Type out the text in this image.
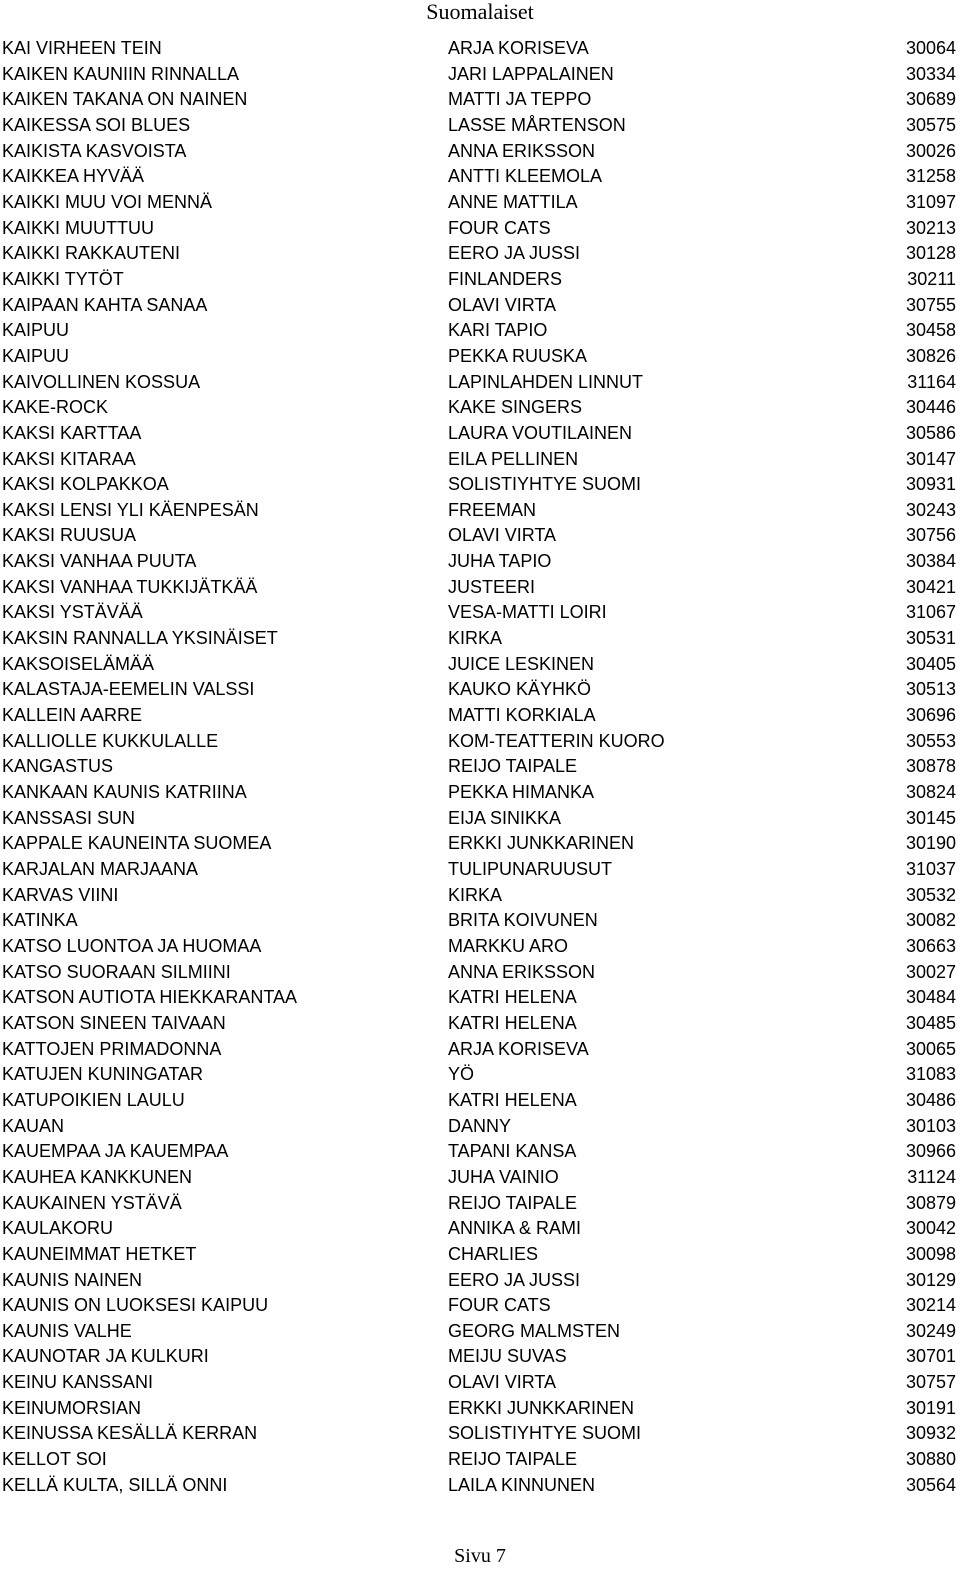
Suomalaiset
KAI VIRHEEN TEIN	ARJA KORISEVA	30064
KAIKEN KAUNIIN RINNALLA	JARI LAPPALAINEN	30334
KAIKEN TAKANA ON NAINEN	MATTI JA TEPPO	30689
KAIKESSA SOI BLUES	LASSE MÅRTENSON	30575
KAIKISTA KASVOISTA	ANNA ERIKSSON	30026
KAIKKEA HYVÄÄ	ANTTI KLEEMOLA	31258
KAIKKI MUU VOI MENNÄ	ANNE MATTILA	31097
KAIKKI MUUTTUU	FOUR CATS	30213
KAIKKI RAKKAUTENI	EERO JA JUSSI	30128
KAIKKI TYTÖT	FINLANDERS	30211
KAIPAAN KAHTA SANAA	OLAVI VIRTA	30755
KAIPUU	KARI TAPIO	30458
KAIPUU	PEKKA RUUSKA	30826
KAIVOLLINEN KOSSUA	LAPINLAHDEN LINNUT	31164
KAKE-ROCK	KAKE SINGERS	30446
KAKSI KARTTAA	LAURA VOUTILAINEN	30586
KAKSI KITARAA	EILA PELLINEN	30147
KAKSI KOLPAKKOA	SOLISTIYHTYE SUOMI	30931
KAKSI LENSI YLI KÄENPESÄN	FREEMAN	30243
KAKSI RUUSUA	OLAVI VIRTA	30756
KAKSI VANHAA PUUTA	JUHA TAPIO	30384
KAKSI VANHAA TUKKIJÄTKÄÄ	JUSTEERI	30421
KAKSI YSTÄVÄÄ	VESA-MATTI LOIRI	31067
KAKSIN RANNALLA YKSINÄISET	KIRKA	30531
KAKSOISELÄMÄÄ	JUICE LESKINEN	30405
KALASTAJA-EEMELIN VALSSI	KAUKO KÄYHKÖ	30513
KALLEIN AARRE	MATTI KORKIALA	30696
KALLIOLLE KUKKULALLE	KOM-TEATTERIN KUORO	30553
KANGASTUS	REIJO TAIPALE	30878
KANKAAN KAUNIS KATRIINA	PEKKA HIMANKA	30824
KANSSASI SUN	EIJA SINIKKA	30145
KAPPALE KAUNEINTA SUOMEA	ERKKI JUNKKARINEN	30190
KARJALAN MARJAANA	TULIPUNARUUSUT	31037
KARVAS VIINI	KIRKA	30532
KATINKA	BRITA KOIVUNEN	30082
KATSO LUONTOA JA HUOMAA	MARKKU ARO	30663
KATSO SUORAAN SILMIINI	ANNA ERIKSSON	30027
KATSON AUTIOTA HIEKKARANTAA	KATRI HELENA	30484
KATSON SINEEN TAIVAAN	KATRI HELENA	30485
KATTOJEN PRIMADONNA	ARJA KORISEVA	30065
KATUJEN KUNINGATAR	YÖ	31083
KATUPOIKIEN LAULU	KATRI HELENA	30486
KAUAN	DANNY	30103
KAUEMPAA JA KAUEMPAA	TAPANI KANSA	30966
KAUHEA KANKKUNEN	JUHA VAINIO	31124
KAUKAINEN YSTÄVÄ	REIJO TAIPALE	30879
KAULAKORU	ANNIKA & RAMI	30042
KAUNEIMMAT HETKET	CHARLIES	30098
KAUNIS NAINEN	EERO JA JUSSI	30129
KAUNIS ON LUOKSESI KAIPUU	FOUR CATS	30214
KAUNIS VALHE	GEORG MALMSTEN	30249
KAUNOTAR JA KULKURI	MEIJU SUVAS	30701
KEINU KANSSANI	OLAVI VIRTA	30757
KEINUMORSIAN	ERKKI JUNKKARINEN	30191
KEINUSSA KESÄLLÄ KERRAN	SOLISTIYHTYE SUOMI	30932
KELLOT SOI	REIJO TAIPALE	30880
KELLÄ KULTA, SILLÄ ONNI	LAILA KINNUNEN	30564
Sivu 7
